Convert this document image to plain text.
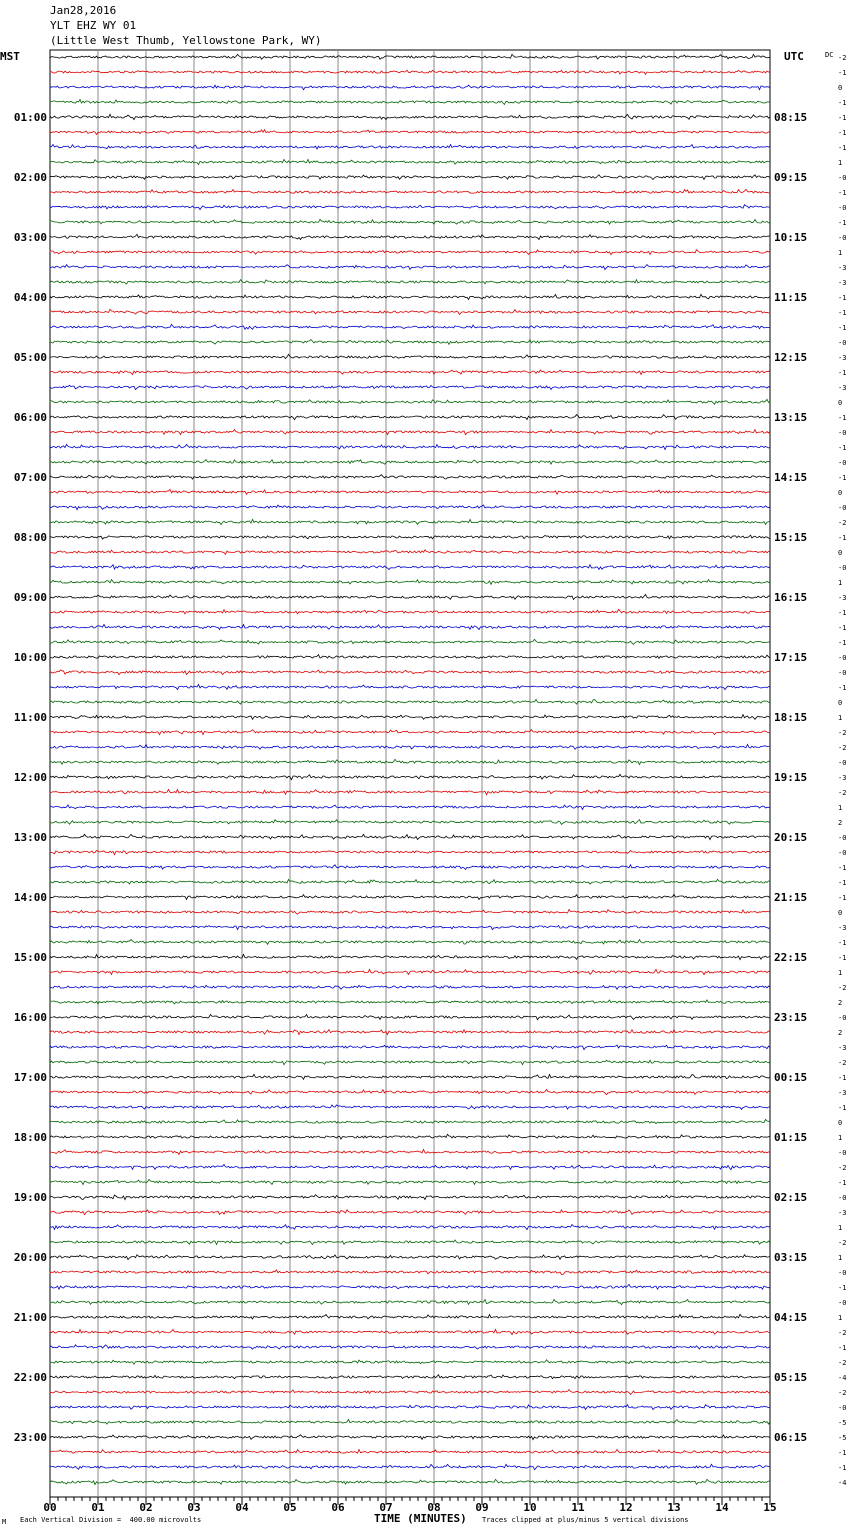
Jan28,2016
YLT EHZ WY 01
(Little West Thumb, Yellowstone Park, WY)
MST	UTC
00	01	02	03	04	05	06	07	08	09	10	11	12	13	14	15
-2
-1
0
-1
-1
-1
-1
1
-0
-1
-0
-1
-0
1
-3
-3
-1
-1
-1
-0
-3
-1
-3
0
-1
-0
-1
-0
-1
0
-0
-2
-1
0
-0
1
-3
-1
-1
-1
-0
-0
-1
0
1
-2
-2
-0
-3
-2
1
2
-0
-0
-1
-1
-1
0
-3
-1
-1
1
-2
2
-0
2
-3
-2
-1
-3
-1
0
1
-0
-2
-1
-0
-3
1
-2
1
-0
-1
-0
1
-2
-1
-2
-4
-2
-0
-5
-5
-1
-1
-4
DC
01:00
02:00
03:00
04:00
05:00
06:00
07:00
08:00
09:00
10:00
11:00
12:00
13:00
14:00
15:00
16:00
17:00
18:00
19:00
20:00
21:00
22:00
23:00
08:15
09:15
10:15
11:15
12:15
13:15
14:15
15:15
16:15
17:15
18:15
19:15
20:15
21:15
22:15
23:15
00:15
01:15
02:15
03:15
04:15
05:15
06:15
M Each Vertical Division =  400.00 microvolts	TIME (MINUTES) Traces clipped at plus/minus 5 vertical divisions
